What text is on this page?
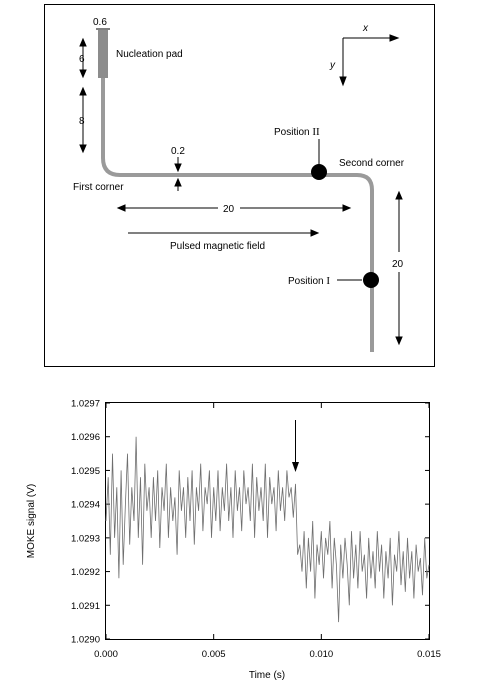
x
y
0.6
6	Nucleation pad
8
0.2
First corner
Second corner
Position II
20
Pulsed magnetic field
Position I
20
1.0290
1.0291
1.0292
1.0293
1.0294
1.0295
1.0296
1.0297
0.000	0.005	0.010	0.015
Time (s)
MOKE signal (V)
